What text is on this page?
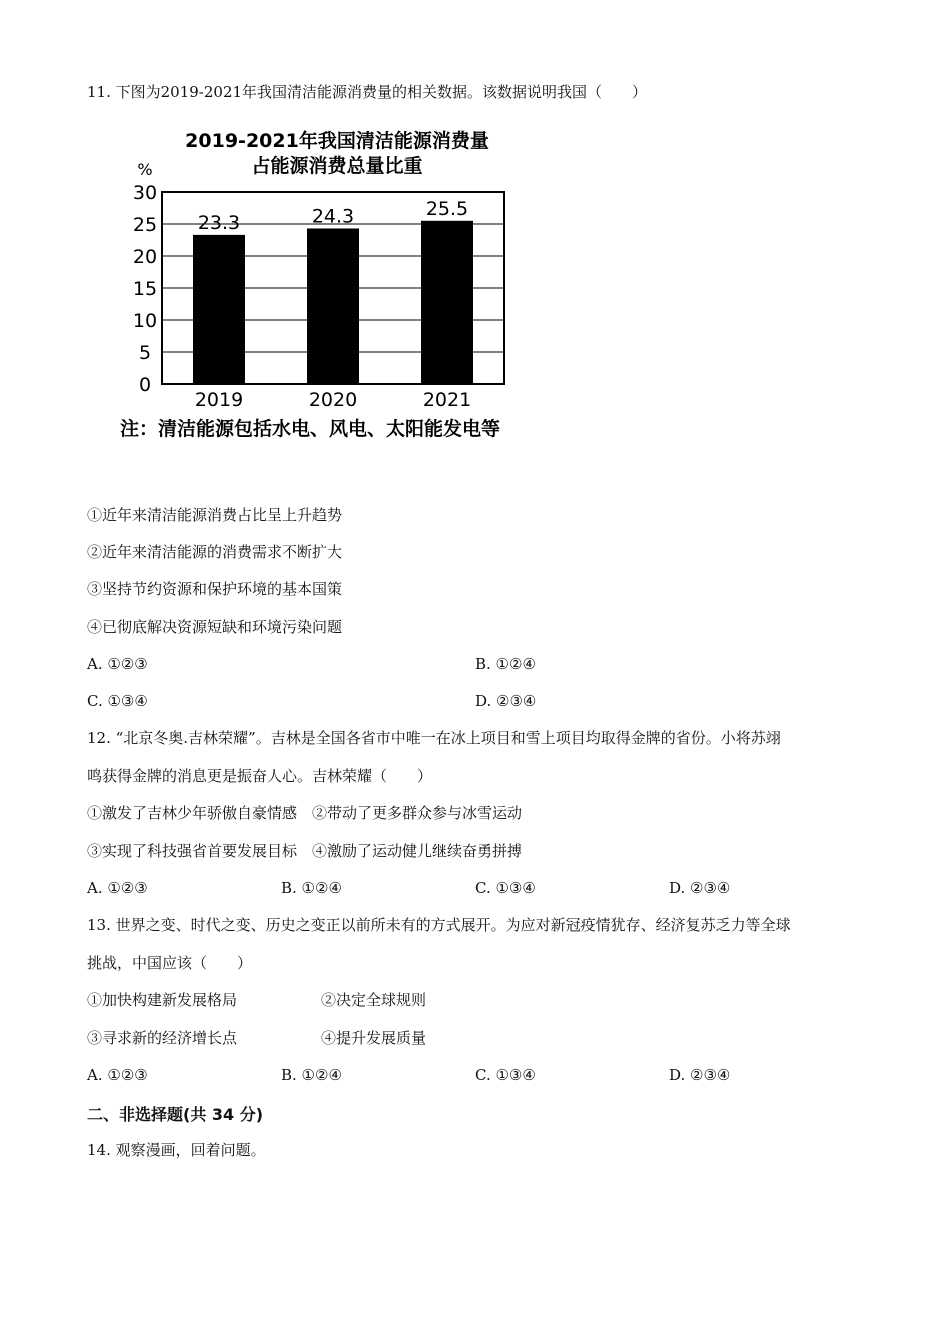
11. 下图为2019-2021年我国清洁能源消费量的相关数据。该数据说明我国（　　）
2019-2021年我国清洁能源消费量
占能源消费总量比重
%
0
5
10
15
20
25
30
2019	2020	2021
23.3	24.3	25.5
注：清洁能源包括水电、风电、太阳能发电等
①近年来清洁能源消费占比呈上升趋势
②近年来清洁能源的消费需求不断扩大
③坚持节约资源和保护环境的基本国策
④已彻底解决资源短缺和环境污染问题
A. ①②③	B. ①②④
C. ①③④	D. ②③④
12. “北京冬奥.吉林荣耀”。吉林是全国各省市中唯一在冰上项目和雪上项目均取得金牌的省份。小将苏翊
鸣获得金牌的消息更是振奋人心。吉林荣耀（　　）
①激发了吉林少年骄傲自豪情感　②带动了更多群众参与冰雪运动
③实现了科技强省首要发展目标　④激励了运动健儿继续奋勇拼搏
A. ①②③	B. ①②④	C. ①③④	D. ②③④
13. 世界之变、时代之变、历史之变正以前所未有的方式展开。为应对新冠疫情犹存、经济复苏乏力等全球
挑战，中国应该（　　）
①加快构建新发展格局	②决定全球规则
③寻求新的经济增长点	④提升发展质量
A. ①②③	B. ①②④	C. ①③④	D. ②③④
二、非选择题(共 34 分)
14. 观察漫画，回着问题。
